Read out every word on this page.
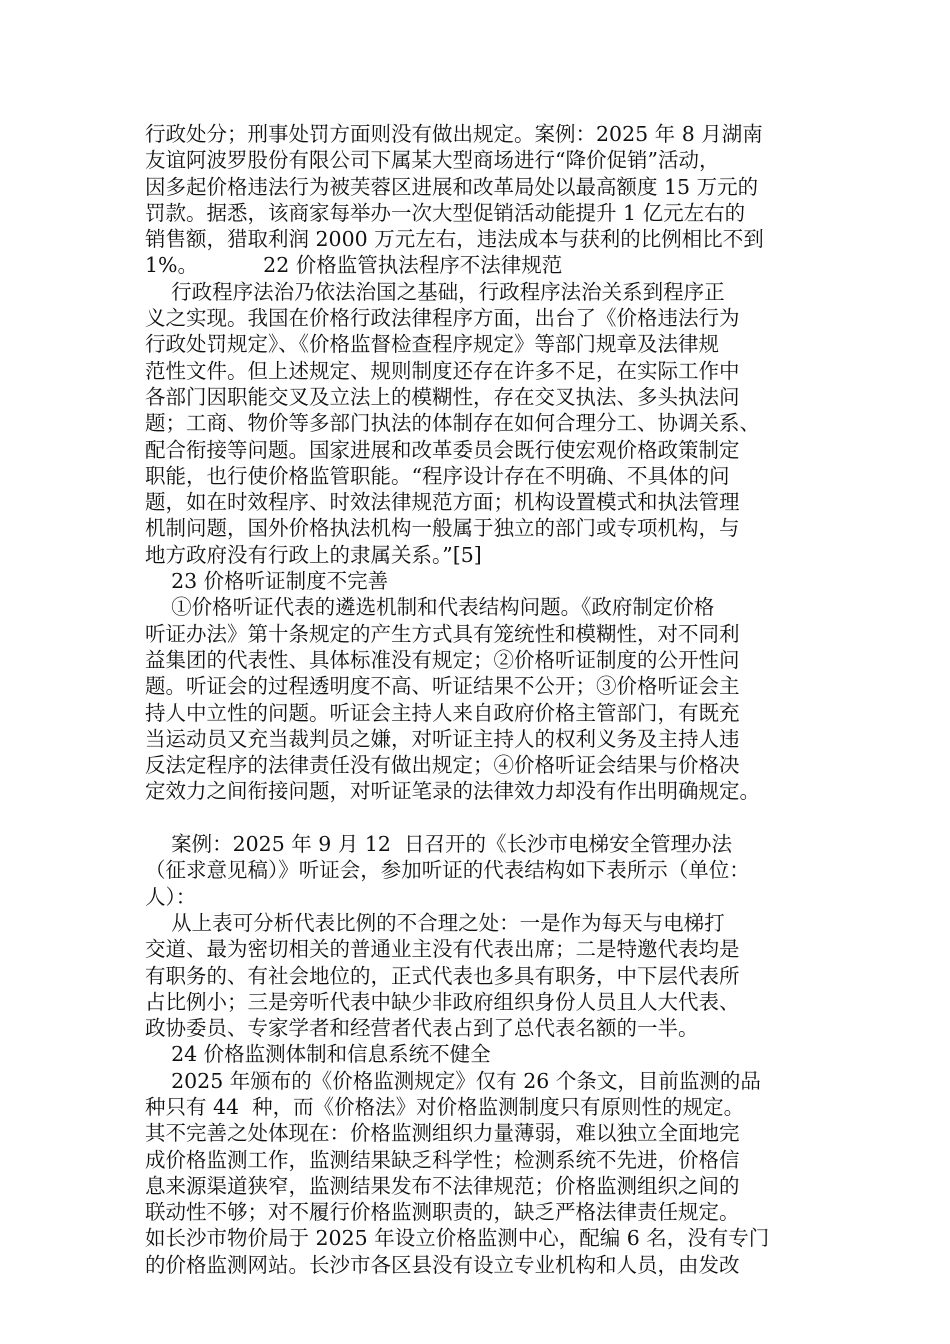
行政处分；刑事处罚方面则没有做出规定。案例：2025 年 8 月湖南
友谊阿波罗股份有限公司下属某大型商场进行“降价促销”活动，
因多起价格违法行为被芙蓉区进展和改革局处以最高额度 15 万元的
罚款。据悉，该商家每举办一次大型促销活动能提升 1 亿元左右的
销售额，猎取利润 2000 万元左右，违法成本与获利的比例相比不到
1%。          22 价格监管执法程序不法律规范
行政程序法治乃依法治国之基础，行政程序法治关系到程序正
义之实现。我国在价格行政法律程序方面，出台了《价格违法行为
行政处罚规定》、《价格监督检查程序规定》等部门规章及法律规
范性文件。但上述规定、规则制度还存在许多不足，在实际工作中
各部门因职能交叉及立法上的模糊性，存在交叉执法、多头执法问
题；工商、物价等多部门执法的体制存在如何合理分工、协调关系、
配合衔接等问题。国家进展和改革委员会既行使宏观价格政策制定
职能，也行使价格监管职能。“程序设计存在不明确、不具体的问
题，如在时效程序、时效法律规范方面；机构设置模式和执法管理
机制问题，国外价格执法机构一般属于独立的部门或专项机构，与
地方政府没有行政上的隶属关系。”[5]
23 价格听证制度不完善
①价格听证代表的遴选机制和代表结构问题。《政府制定价格
听证办法》第十条规定的产生方式具有笼统性和模糊性，对不同利
益集团的代表性、具体标准没有规定；②价格听证制度的公开性问
题。听证会的过程透明度不高、听证结果不公开；③价格听证会主
持人中立性的问题。听证会主持人来自政府价格主管部门，有既充
当运动员又充当裁判员之嫌，对听证主持人的权利义务及主持人违
反法定程序的法律责任没有做出规定；④价格听证会结果与价格决
定效力之间衔接问题，对听证笔录的法律效力却没有作出明确规定。
案例：2025 年 9 月 12  日召开的《长沙市电梯安全管理办法
（征求意见稿）》听证会，参加听证的代表结构如下表所示（单位：
人）：
从上表可分析代表比例的不合理之处：一是作为每天与电梯打
交道、最为密切相关的普通业主没有代表出席；二是特邀代表均是
有职务的、有社会地位的，正式代表也多具有职务，中下层代表所
占比例小；三是旁听代表中缺少非政府组织身份人员且人大代表、
政协委员、专家学者和经营者代表占到了总代表名额的一半。
24 价格监测体制和信息系统不健全
2025 年颁布的《价格监测规定》仅有 26 个条文，目前监测的品
种只有 44  种，而《价格法》对价格监测制度只有原则性的规定。
其不完善之处体现在：价格监测组织力量薄弱，难以独立全面地完
成价格监测工作，监测结果缺乏科学性；检测系统不先进，价格信
息来源渠道狭窄，监测结果发布不法律规范；价格监测组织之间的
联动性不够；对不履行价格监测职责的，缺乏严格法律责任规定。
如长沙市物价局于 2025 年设立价格监测中心，配编 6 名，没有专门
的价格监测网站。长沙市各区县没有设立专业机构和人员，由发改
